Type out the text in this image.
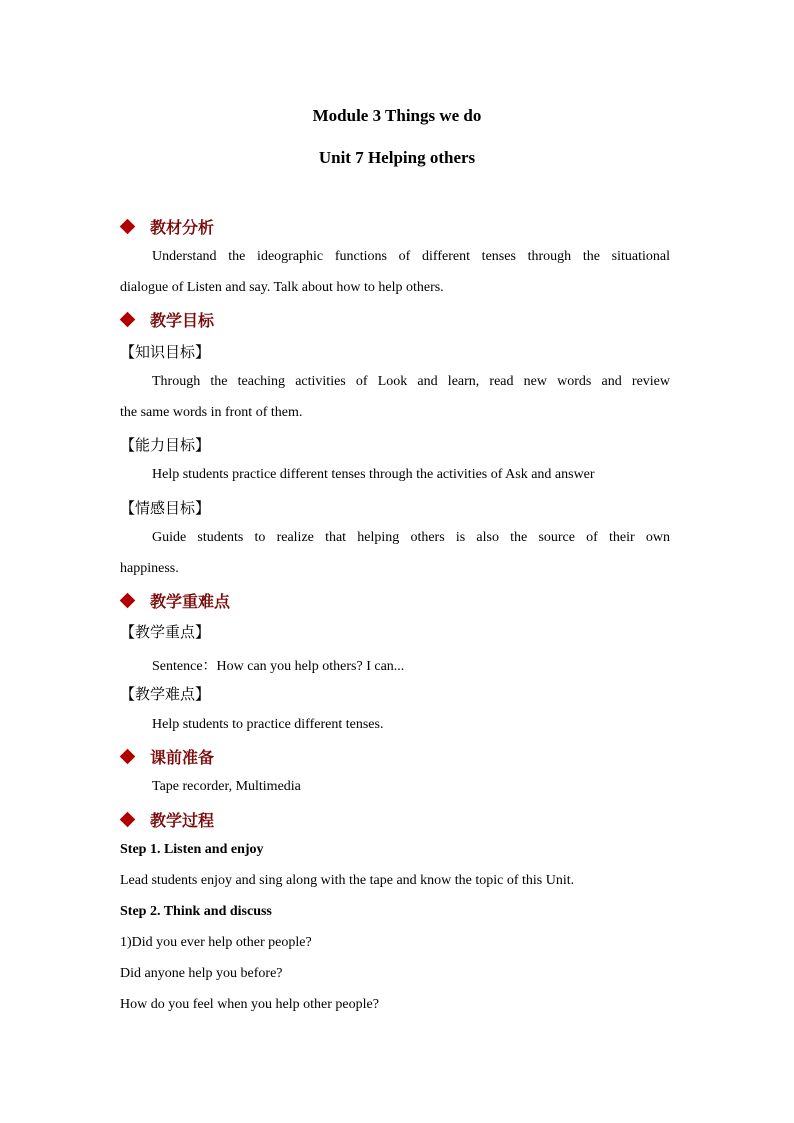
Module 3 Things we do
Unit 7 Helping others
教材分析
Understand the ideographic functions of different tenses through the situational
dialogue of Listen and say. Talk about how to help others.
教学目标
【知识目标】
Through the teaching activities of Look and learn, read new words and review
the same words in front of them.
【能力目标】
Help students practice different tenses through the activities of Ask and answer
【情感目标】
Guide students to realize that helping others is also the source of their own
happiness.
教学重难点
【教学重点】
Sentence：How can you help others? I can...
【教学难点】
Help students to practice different tenses.
课前准备
Tape recorder, Multimedia
教学过程
Step 1. Listen and enjoy
Lead students enjoy and sing along with the tape and know the topic of this Unit.
Step 2. Think and discuss
1)Did you ever help other people?
Did anyone help you before?
How do you feel when you help other people?
